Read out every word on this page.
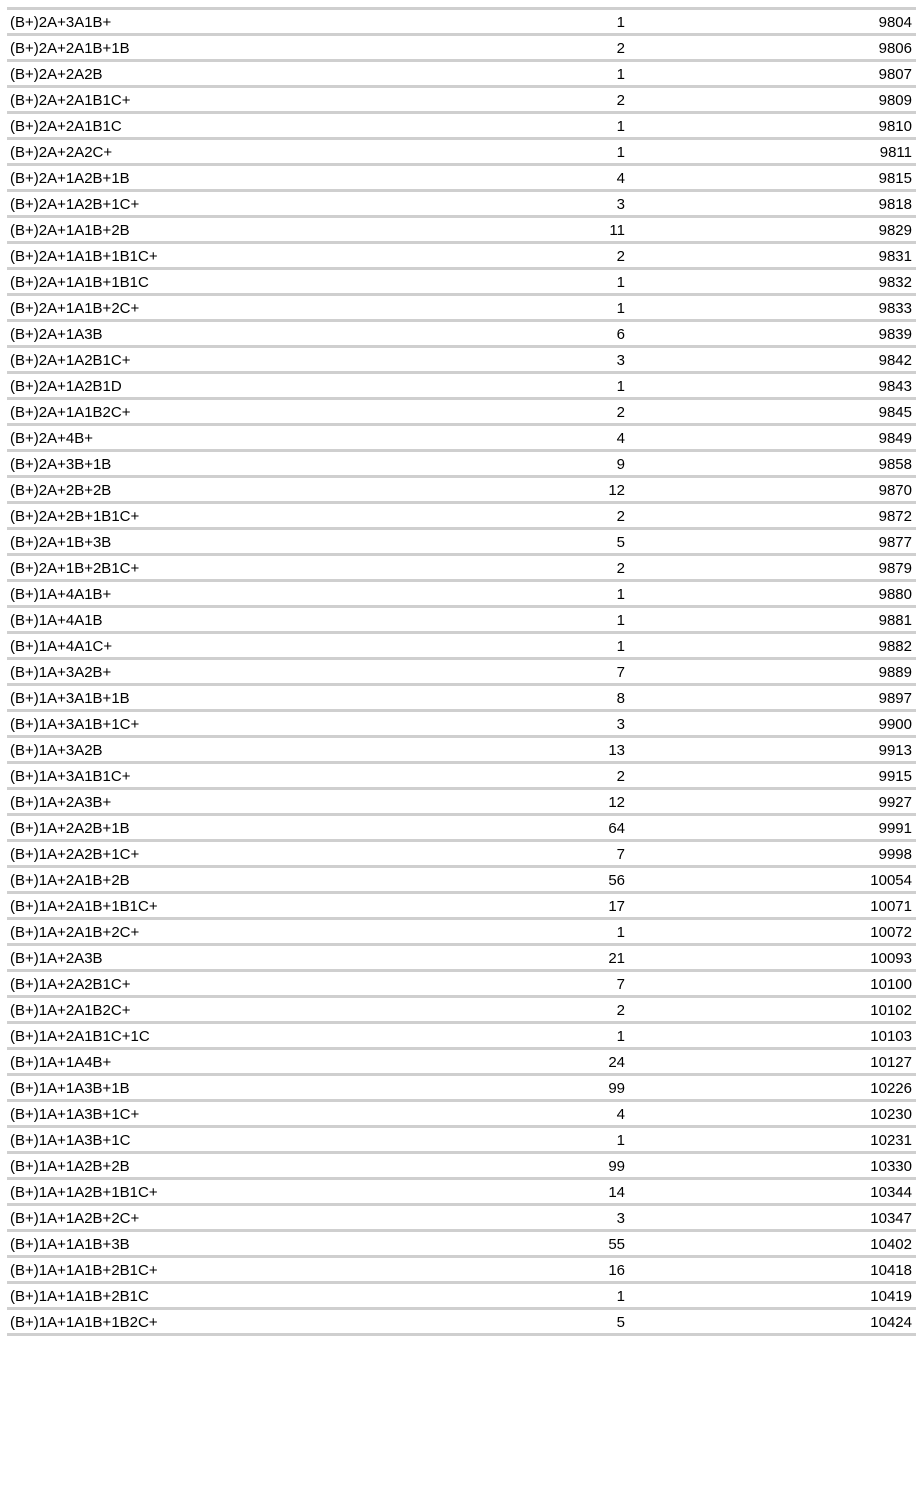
(B+)2A+3A1B+	1	9804
(B+)2A+2A1B+1B	2	9806
(B+)2A+2A2B	1	9807
(B+)2A+2A1B1C+	2	9809
(B+)2A+2A1B1C	1	9810
(B+)2A+2A2C+	1	9811
(B+)2A+1A2B+1B	4	9815
(B+)2A+1A2B+1C+	3	9818
(B+)2A+1A1B+2B	11	9829
(B+)2A+1A1B+1B1C+	2	9831
(B+)2A+1A1B+1B1C	1	9832
(B+)2A+1A1B+2C+	1	9833
(B+)2A+1A3B	6	9839
(B+)2A+1A2B1C+	3	9842
(B+)2A+1A2B1D	1	9843
(B+)2A+1A1B2C+	2	9845
(B+)2A+4B+	4	9849
(B+)2A+3B+1B	9	9858
(B+)2A+2B+2B	12	9870
(B+)2A+2B+1B1C+	2	9872
(B+)2A+1B+3B	5	9877
(B+)2A+1B+2B1C+	2	9879
(B+)1A+4A1B+	1	9880
(B+)1A+4A1B	1	9881
(B+)1A+4A1C+	1	9882
(B+)1A+3A2B+	7	9889
(B+)1A+3A1B+1B	8	9897
(B+)1A+3A1B+1C+	3	9900
(B+)1A+3A2B	13	9913
(B+)1A+3A1B1C+	2	9915
(B+)1A+2A3B+	12	9927
(B+)1A+2A2B+1B	64	9991
(B+)1A+2A2B+1C+	7	9998
(B+)1A+2A1B+2B	56	10054
(B+)1A+2A1B+1B1C+	17	10071
(B+)1A+2A1B+2C+	1	10072
(B+)1A+2A3B	21	10093
(B+)1A+2A2B1C+	7	10100
(B+)1A+2A1B2C+	2	10102
(B+)1A+2A1B1C+1C	1	10103
(B+)1A+1A4B+	24	10127
(B+)1A+1A3B+1B	99	10226
(B+)1A+1A3B+1C+	4	10230
(B+)1A+1A3B+1C	1	10231
(B+)1A+1A2B+2B	99	10330
(B+)1A+1A2B+1B1C+	14	10344
(B+)1A+1A2B+2C+	3	10347
(B+)1A+1A1B+3B	55	10402
(B+)1A+1A1B+2B1C+	16	10418
(B+)1A+1A1B+2B1C	1	10419
(B+)1A+1A1B+1B2C+	5	10424
